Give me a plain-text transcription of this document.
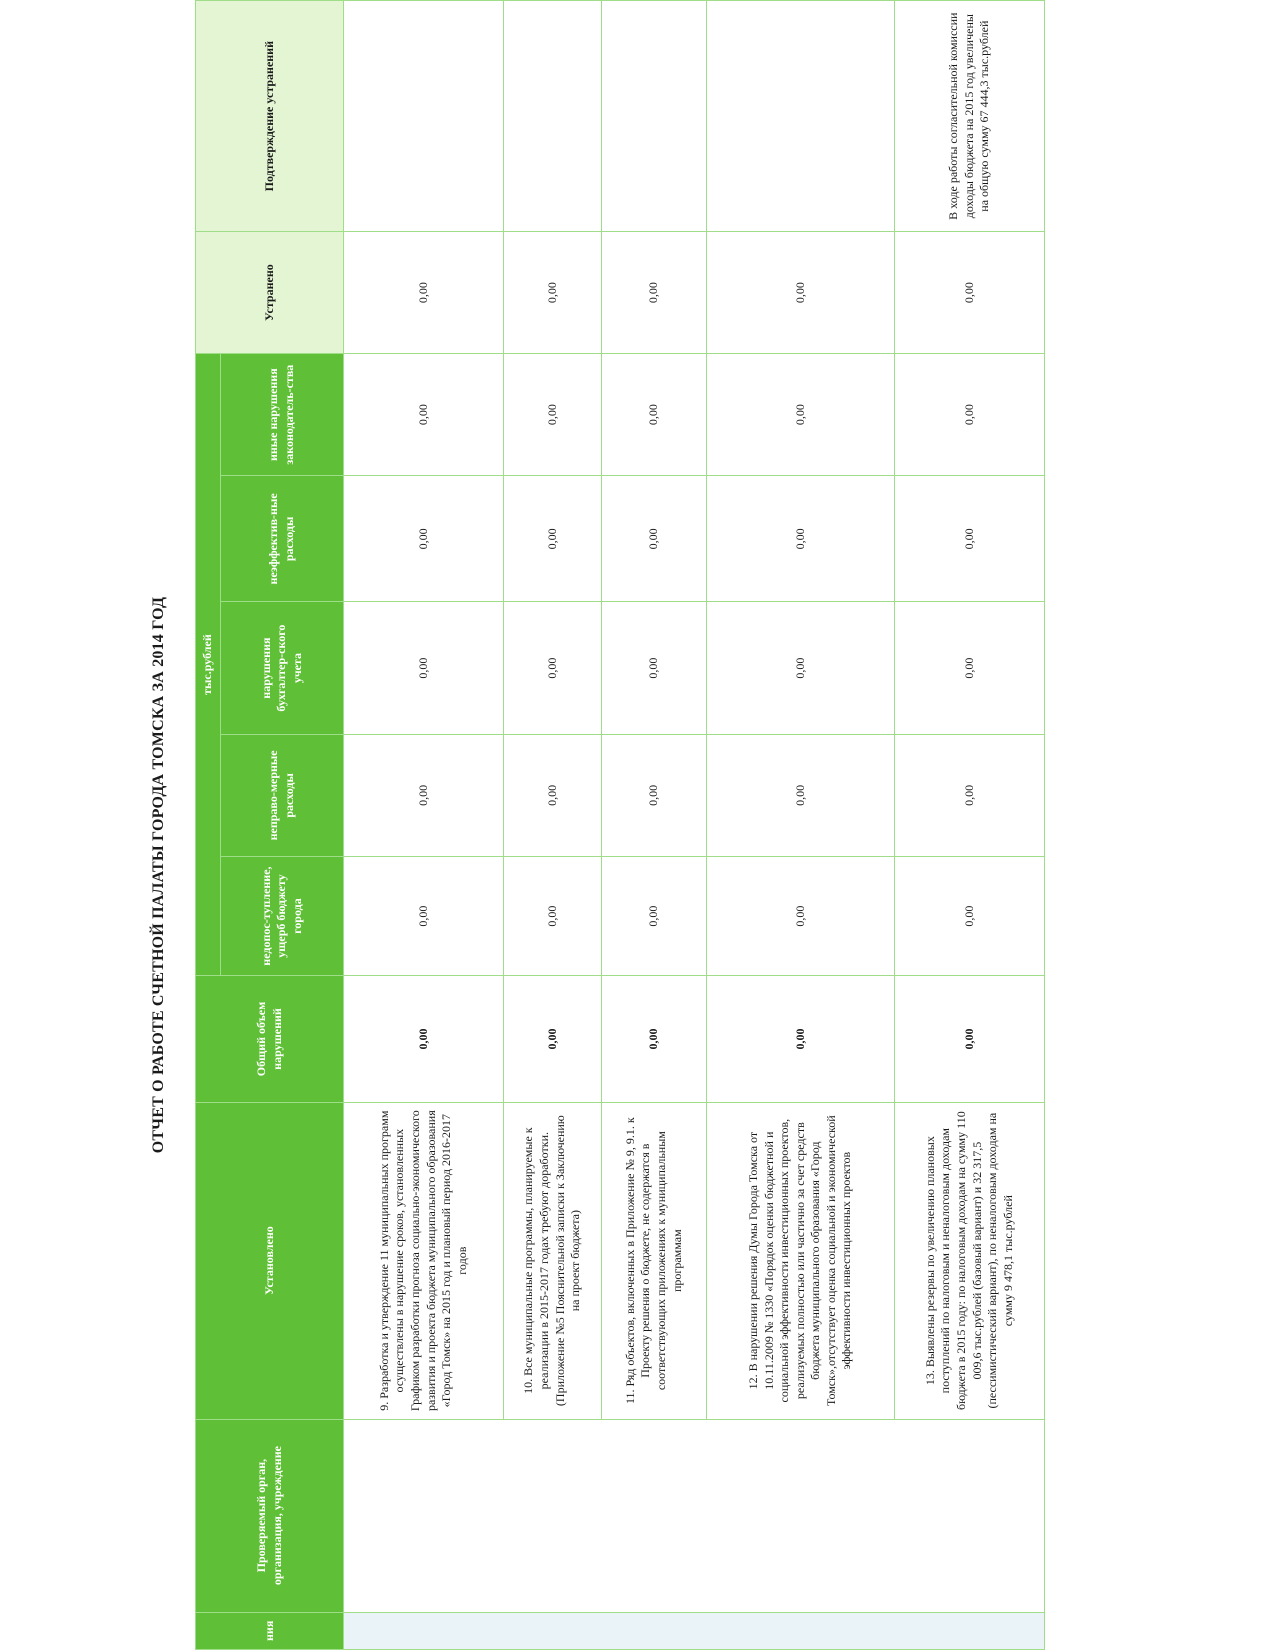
ОТЧЕТ О РАБОТЕ СЧЕТНОЙ ПАЛАТЫ ГОРОДА ТОМСКА ЗА 2014 ГОД
ния	Проверяемый орган, организация, учреждение	Установлено	Общий объем нарушений	тыс.рублей					Устранено	Подтверждение устранений
				недопос-тупление, ущерб бюджету города	неправо-мерные расходы	нарушения бухгалтер-ского учета	неэффектив-ные расходы	иные нарушения законодатель-ства		
		9. Разработка и утверждение 11 муниципальных программ осуществлены в нарушение сроков, установленных Графиком разработки прогноза социально-экономического развития и проекта бюджета муниципального образования «Город Томск» на 2015 год и плановый период 2016-2017 годов	0,00	0,00	0,00	0,00	0,00	0,00	0,00	
		10. Все муниципальные программы, планируемые к реализации в 2015-2017 годах требуют доработки. (Приложение №5 Пояснительной записки к Заключению на проект бюджета)	0,00	0,00	0,00	0,00	0,00	0,00	0,00	
		11. Ряд объектов, включенных в Приложение № 9, 9.1. к Проекту решения о бюджете, не содержатся в соответствующих приложениях к муниципальным программам	0,00	0,00	0,00	0,00	0,00	0,00	0,00	
		12. В нарушении решения Думы Города Томска от 10.11.2009 № 1330 «Порядок оценки бюджетной и социальной эффективности инвестиционных проектов, реализуемых полностью или частично за счет средств бюджета муниципального образования «Город Томск»,отсутствует оценка социальной и экономической эффективности инвестиционных проектов	0,00	0,00	0,00	0,00	0,00	0,00	0,00	
		13. Выявлены резервы по увеличению плановых поступлений по налоговым и неналоговым доходам бюджета в 2015 году: по налоговым доходам на сумму 110 009,6 тыс.рублей (базовый вариант) и 32 317,5 (пессимистический вариант), по неналоговым доходам на сумму 9 478,1 тыс.рублей	0,00	0,00	0,00	0,00	0,00	0,00	0,00	В ходе работы согласительной комиссии доходы бюджета на 2015 год увеличены на общую сумму 67 444,3 тыс.рублей
